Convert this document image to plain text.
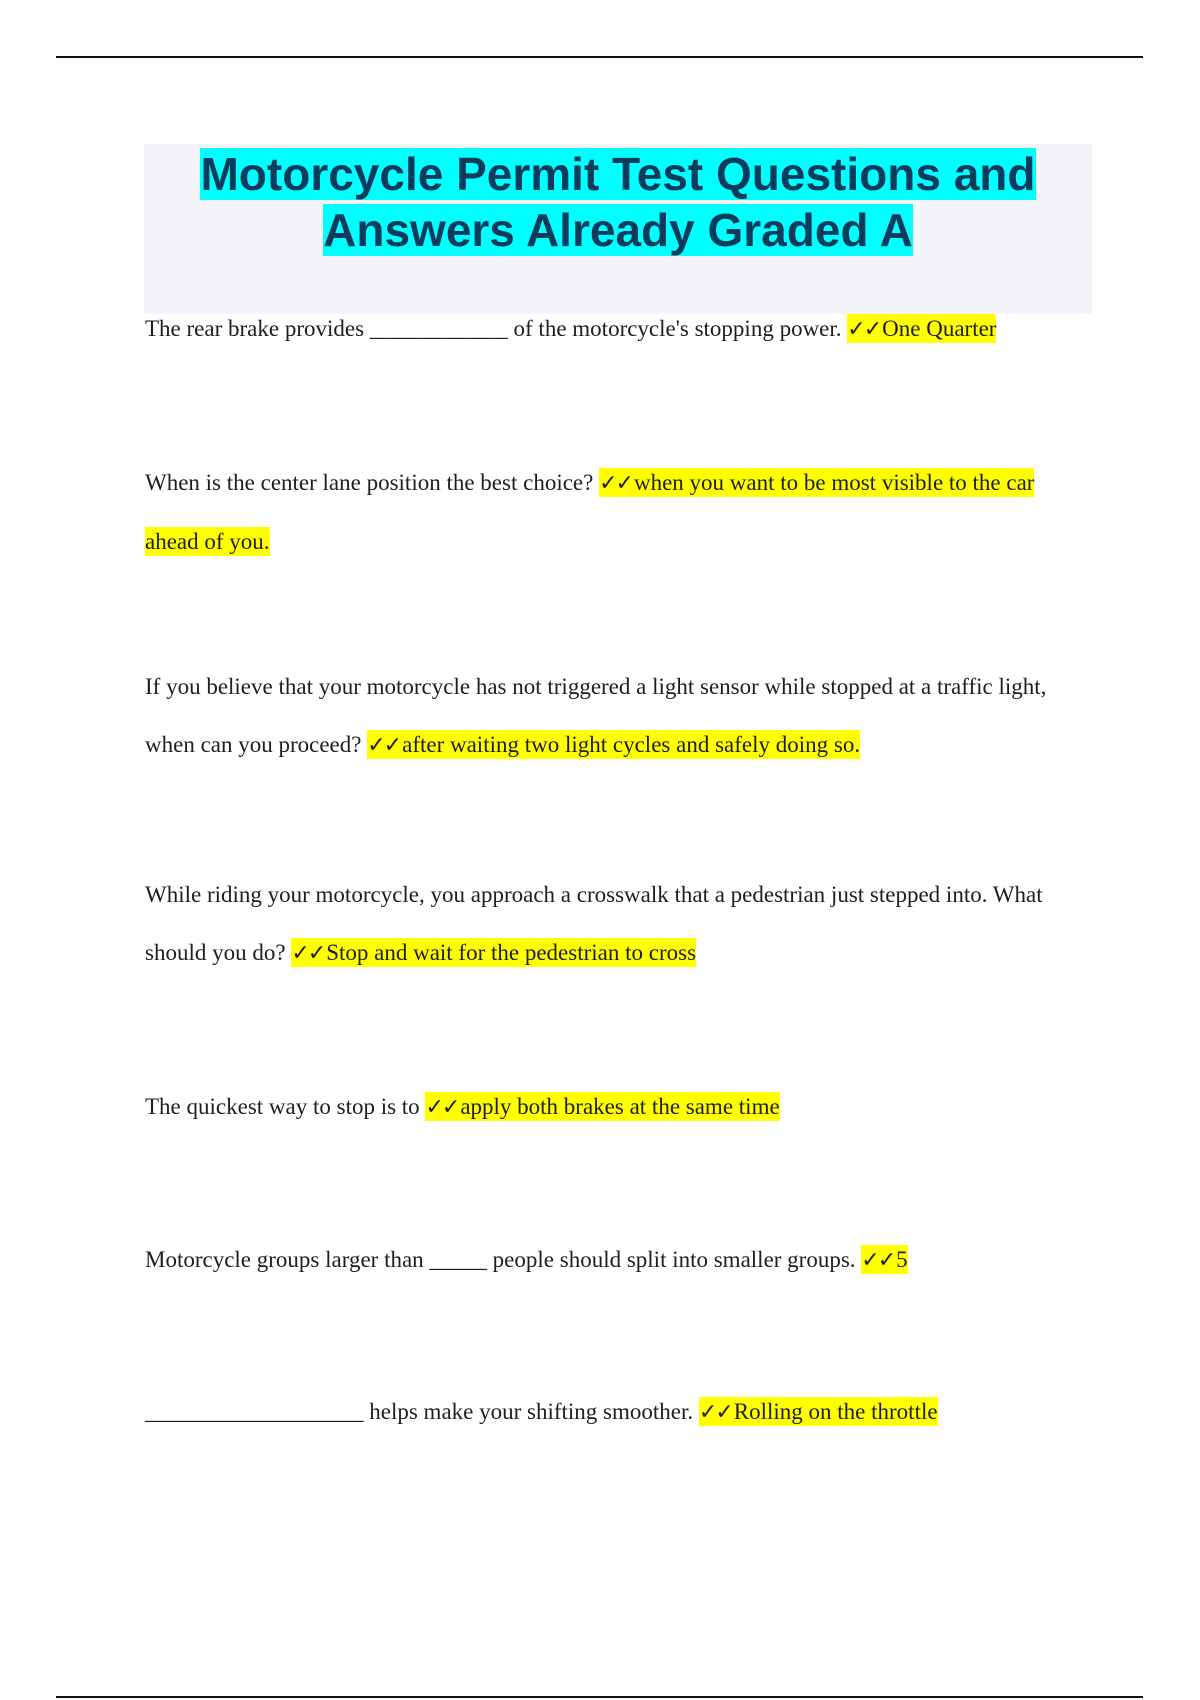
Motorcycle Permit Test Questions and Answers Already Graded A

The rear brake provides ____________ of the motorcycle's stopping power. ✓✓One Quarter

When is the center lane position the best choice? ✓✓when you want to be most visible to the car ahead of you.

If you believe that your motorcycle has not triggered a light sensor while stopped at a traffic light, when can you proceed? ✓✓after waiting two light cycles and safely doing so.

While riding your motorcycle, you approach a crosswalk that a pedestrian just stepped into. What should you do? ✓✓Stop and wait for the pedestrian to cross

The quickest way to stop is to ✓✓apply both brakes at the same time

Motorcycle groups larger than _____ people should split into smaller groups. ✓✓5

___________________ helps make your shifting smoother. ✓✓Rolling on the throttle
